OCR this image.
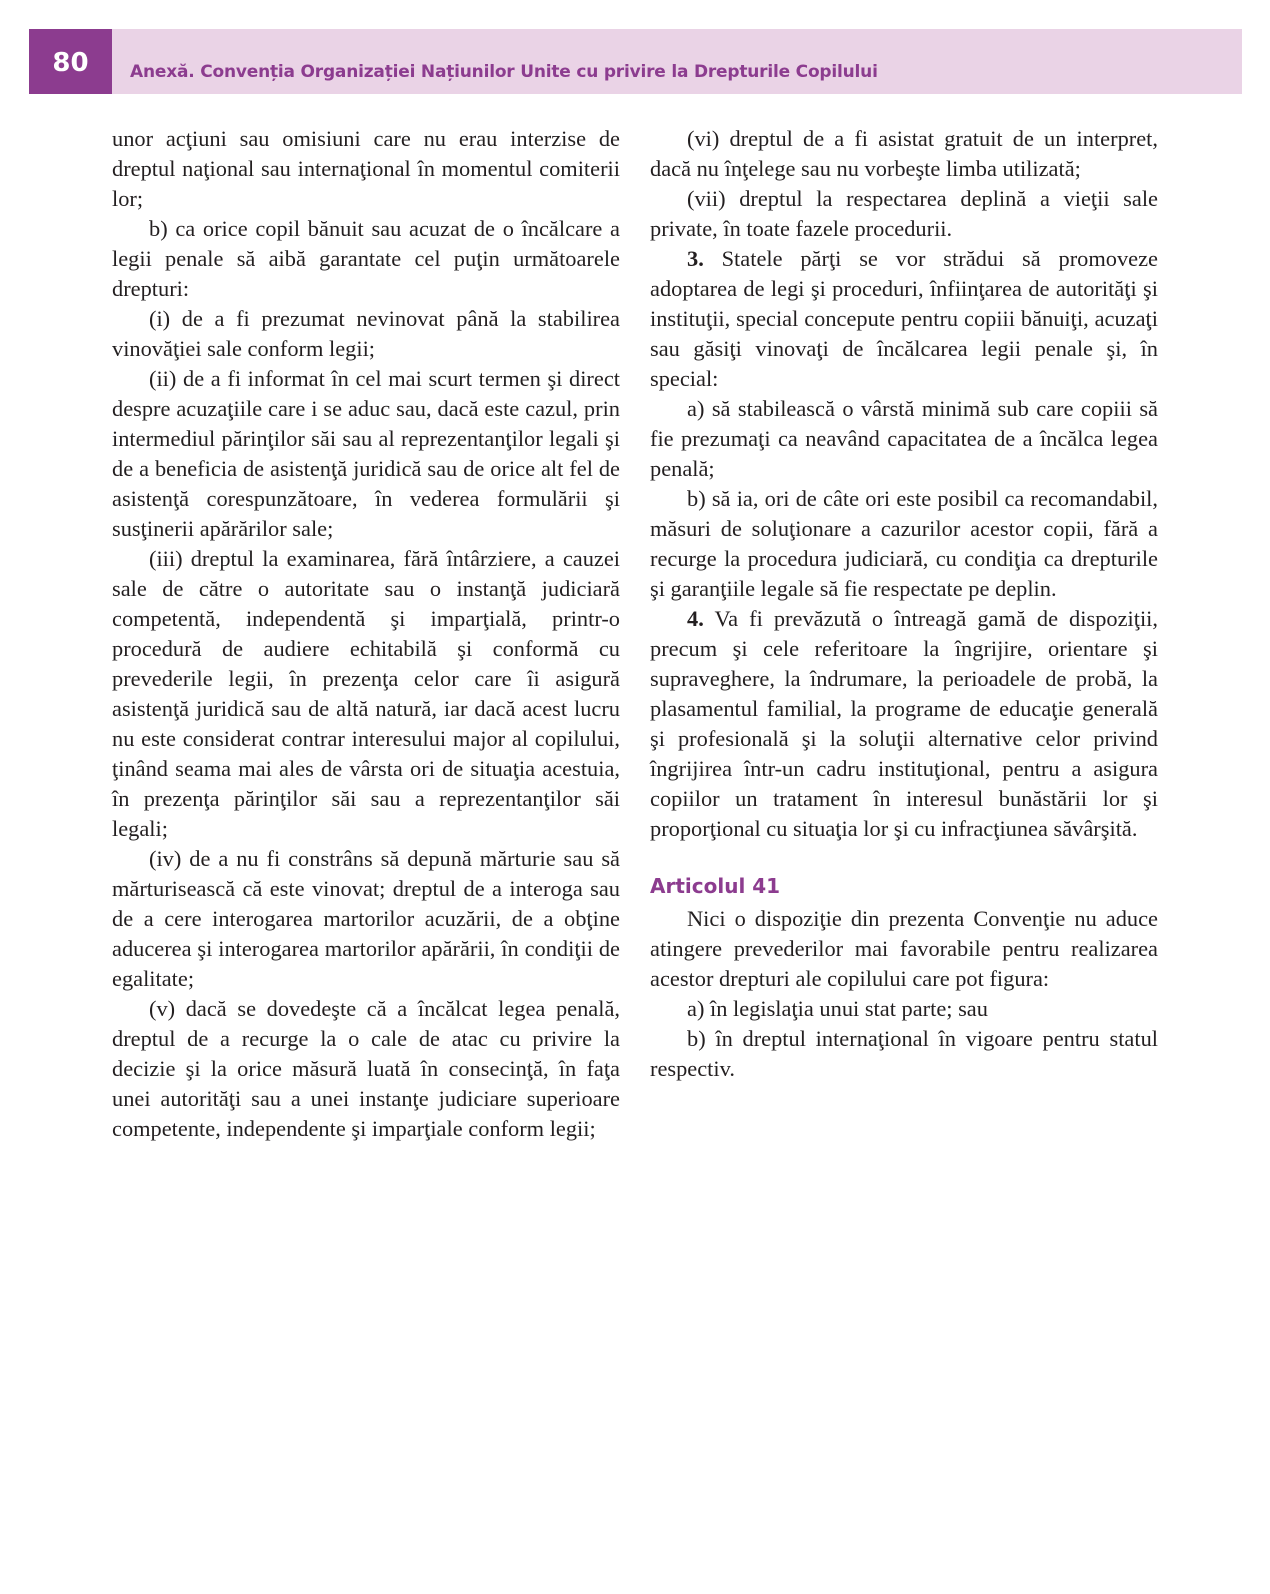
80	Anexă. Convenția Organizației Națiunilor Unite cu privire la Drepturile Copilului

unor acţiuni sau omisiuni care nu erau interzise de dreptul naţional sau internaţional în momentul comiterii lor;

b) ca orice copil bănuit sau acuzat de o încălcare a legii penale să aibă garantate cel puţin următoarele drepturi:

(i) de a fi prezumat nevinovat până la stabilirea vinovăţiei sale conform legii;

(ii) de a fi informat în cel mai scurt termen şi direct despre acuzaţiile care i se aduc sau, dacă este cazul, prin intermediul părinţilor săi sau al reprezentanţilor legali şi de a beneficia de asistenţă juridică sau de orice alt fel de asistenţă corespunzătoare, în vederea formulării şi susţinerii apărărilor sale;

(iii) dreptul la examinarea, fără întârziere, a cauzei sale de către o autoritate sau o instanţă judiciară competentă, independentă şi imparţială, printr-o procedură de audiere echitabilă şi conformă cu prevederile legii, în prezenţa celor care îi asigură asistenţă juridică sau de altă natură, iar dacă acest lucru nu este considerat contrar interesului major al copilului, ţinând seama mai ales de vârsta ori de situaţia acestuia, în prezenţa părinţilor săi sau a reprezentanţilor săi legali;

(iv) de a nu fi constrâns să depună mărturie sau să mărturisească că este vinovat; dreptul de a interoga sau de a cere interogarea martorilor acuzării, de a obţine aducerea şi interogarea martorilor apărării, în condiţii de egalitate;

(v) dacă se dovedeşte că a încălcat legea penală, dreptul de a recurge la o cale de atac cu privire la decizie şi la orice măsură luată în consecinţă, în faţa unei autorităţi sau a unei instanţe judiciare superioare competente, independente şi imparţiale conform legii;

(vi) dreptul de a fi asistat gratuit de un interpret, dacă nu înţelege sau nu vorbeşte limba utilizată;

(vii) dreptul la respectarea deplină a vieţii sale private, în toate fazele procedurii.

3. Statele părţi se vor strădui să promoveze adoptarea de legi şi proceduri, înfiinţarea de autorităţi şi instituţii, special concepute pentru copiii bănuiţi, acuzaţi sau găsiţi vinovaţi de încălcarea legii penale şi, în special:

a) să stabilească o vârstă minimă sub care copiii să fie prezumaţi ca neavând capacitatea de a încălca legea penală;

b) să ia, ori de câte ori este posibil ca recomandabil, măsuri de soluţionare a cazurilor acestor copii, fără a recurge la procedura judiciară, cu condiţia ca drepturile şi garanţiile legale să fie respectate pe deplin.

4. Va fi prevăzută o întreagă gamă de dispoziţii, precum şi cele referitoare la îngrijire, orientare şi supraveghere, la îndrumare, la perioadele de probă, la plasamentul familial, la programe de educaţie generală şi profesională şi la soluţii alternative celor privind îngrijirea într-un cadru instituţional, pentru a asigura copiilor un tratament în interesul bunăstării lor şi proporţional cu situaţia lor şi cu infracţiunea săvârşită.

Articolul 41

Nici o dispoziţie din prezenta Convenţie nu aduce atingere prevederilor mai favorabile pentru realizarea acestor drepturi ale copilului care pot figura:

a) în legislaţia unui stat parte; sau

b) în dreptul internaţional în vigoare pentru statul respectiv.
